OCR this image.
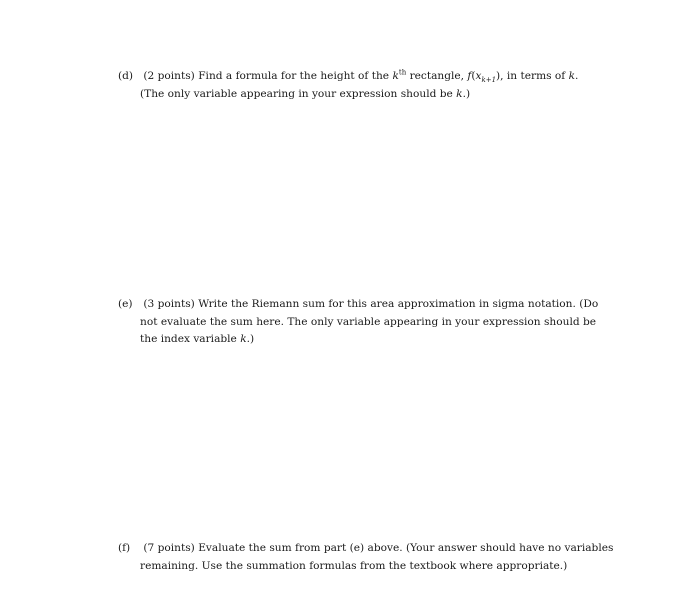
(d) (2 points) Find a formula for the height of the $k^{th}$ rectangle, $f(x_{k+1})$, in terms of k.
(The only variable appearing in your expression should be k.)
(e) (3 points) Write the Riemann sum for this area approximation in sigma notation. (Do
not evaluate the sum here. The only variable appearing in your expression should be
the index variable k.)
(f) (7 points) Evaluate the sum from part (e) above. (Your answer should have no variables
remaining. Use the summation formulas from the textbook where appropriate.)
